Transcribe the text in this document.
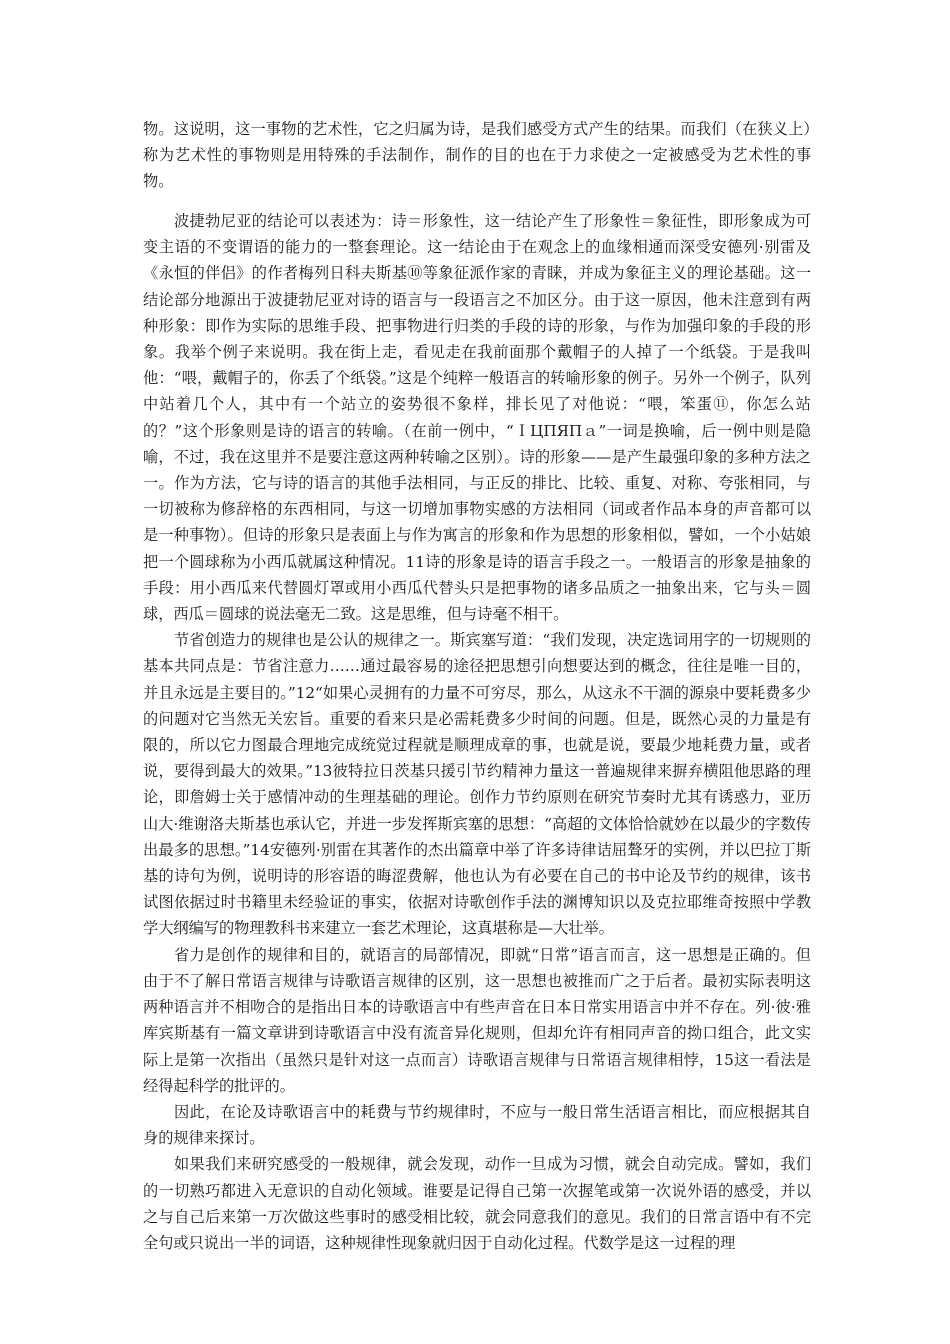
物。这说明，这一事物的艺术性，它之归属为诗，是我们感受方式产生的结果。而我们（在狭义上）称为艺术性的事物则是用特殊的手法制作，制作的目的也在于力求使之一定被感受为艺术性的事物。

波捷勃尼亚的结论可以表述为：诗＝形象性，这一结论产生了形象性＝象征性，即形象成为可变主语的不变谓语的能力的一整套理论。这一结论由于在观念上的血缘相通而深受安德列·别雷及《永恒的伴侣》的作者梅列日科夫斯基⑩等象征派作家的青睐，并成为象征主义的理论基础。这一结论部分地源出于波捷勃尼亚对诗的语言与一段语言之不加区分。由于这一原因，他未注意到有两种形象：即作为实际的思维手段、把事物进行归类的手段的诗的形象，与作为加强印象的手段的形象。我举个例子来说明。我在街上走，看见走在我前面那个戴帽子的人掉了一个纸袋。于是我叫他：“喂，戴帽子的，你丢了个纸袋。”这是个纯粹一般语言的转喻形象的例子。另外一个例子，队列中站着几个人，其中有一个站立的姿势很不象样，排长见了对他说：“喂，笨蛋⑪，你怎么站的？”这个形象则是诗的语言的转喻。（在前一例中，“ＩЦПЯПａ”一词是换喻，后一例中则是隐喻，不过，我在这里并不是要注意这两种转喻之区别）。诗的形象——是产生最强印象的多种方法之一。作为方法，它与诗的语言的其他手法相同，与正反的排比、比较、重复、对称、夸张相同，与一切被称为修辞格的东西相同，与这一切增加事物实感的方法相同（词或者作品本身的声音都可以是一种事物）。但诗的形象只是表面上与作为寓言的形象和作为思想的形象相似，譬如，一个小姑娘把一个圆球称为小西瓜就属这种情况。11诗的形象是诗的语言手段之一。一般语言的形象是抽象的手段：用小西瓜来代替圆灯罩或用小西瓜代替头只是把事物的诸多品质之一抽象出来，它与头＝圆球，西瓜＝圆球的说法毫无二致。这是思维，但与诗毫不相干。

节省创造力的规律也是公认的规律之一。斯宾塞写道：“我们发现，决定选词用字的一切规则的基本共同点是：节省注意力……通过最容易的途径把思想引向想要达到的概念，往往是唯一目的，并且永远是主要目的。”12“如果心灵拥有的力量不可穷尽，那么，从这永不干涸的源泉中要耗费多少的问题对它当然无关宏旨。重要的看来只是必需耗费多少时间的问题。但是，既然心灵的力量是有限的，所以它力图最合理地完成统觉过程就是顺理成章的事，也就是说，要最少地耗费力量，或者说，要得到最大的效果。”13彼特拉日茨基只援引节约精神力量这一普遍规律来摒弃横阻他思路的理论，即詹姆士关于感情冲动的生理基础的理论。创作力节约原则在研究节奏时尤其有诱惑力，亚历山大·维谢洛夫斯基也承认它，并进一步发挥斯宾塞的思想：“高超的文体恰恰就妙在以最少的字数传出最多的思想。”14安德列·别雷在其著作的杰出篇章中举了许多诗律诘屈聱牙的实例，并以巴拉丁斯基的诗句为例，说明诗的形容语的晦涩费解，他也认为有必要在自己的书中论及节约的规律，该书试图依据过时书籍里未经验证的事实，依据对诗歌创作手法的渊博知识以及克拉耶维奇按照中学教学大纲编写的物理教科书来建立一套艺术理论，这真堪称是—大壮举。

省力是创作的规律和目的，就语言的局部情况，即就“日常”语言而言，这一思想是正确的。但由于不了解日常语言规律与诗歌语言规律的区别，这一思想也被推而广之于后者。最初实际表明这两种语言并不相吻合的是指出日本的诗歌语言中有些声音在日本日常实用语言中并不存在。列·彼·雅库宾斯基有一篇文章讲到诗歌语言中没有流音异化规则，但却允许有相同声音的拗口组合，此文实际上是第一次指出（虽然只是针对这一点而言）诗歌语言规律与日常语言规律相悖，15这一看法是经得起科学的批评的。

因此，在论及诗歌语言中的耗费与节约规律时，不应与一般日常生活语言相比，而应根据其自身的规律来探讨。

如果我们来研究感受的一般规律，就会发现，动作一旦成为习惯，就会自动完成。譬如，我们的一切熟巧都进入无意识的自动化领域。谁要是记得自己第一次握笔或第一次说外语的感受，并以之与自己后来第一万次做这些事时的感受相比较，就会同意我们的意见。我们的日常言语中有不完全句或只说出一半的词语，这种规律性现象就归因于自动化过程。代数学是这一过程的理
